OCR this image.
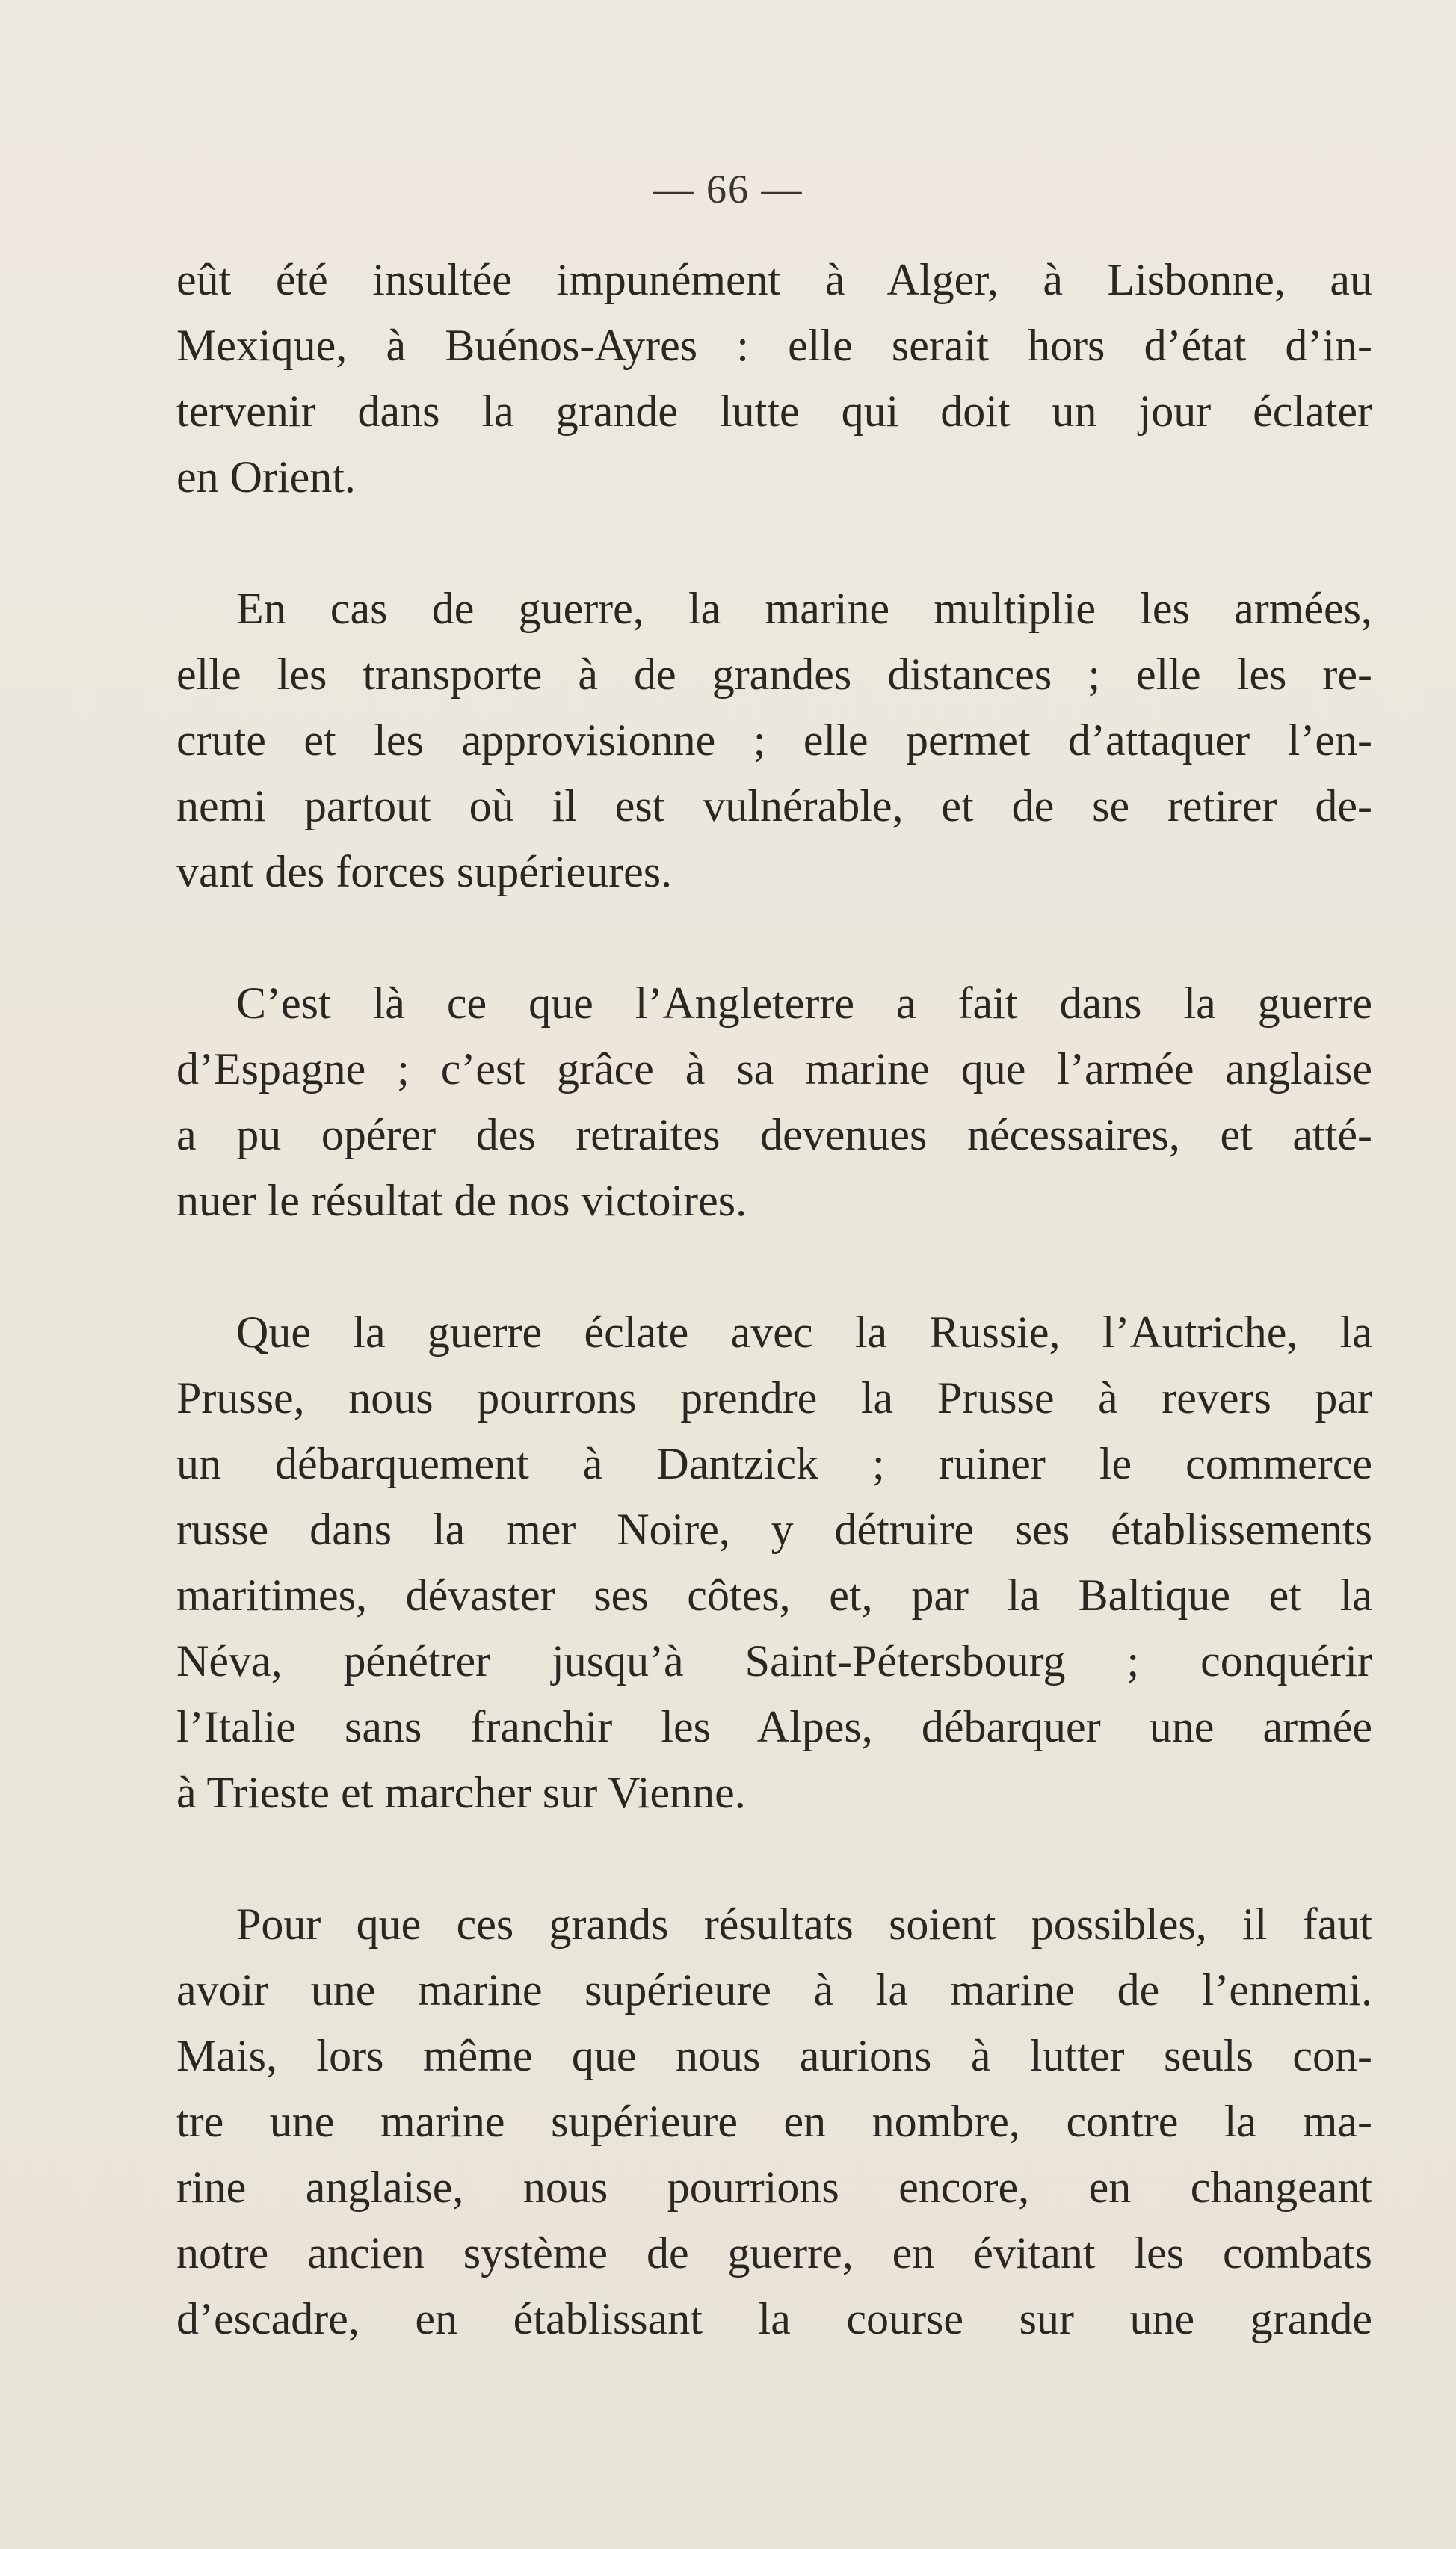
— 66 —

eût été insultée impunément à Alger, à Lisbonne, au
Mexique, à Buénos-Ayres : elle serait hors d’état d’in-
tervenir dans la grande lutte qui doit un jour éclater
en Orient.

En cas de guerre, la marine multiplie les armées,
elle les transporte à de grandes distances ; elle les re-
crute et les approvisionne ; elle permet d’attaquer l’en-
nemi partout où il est vulnérable, et de se retirer de-
vant des forces supérieures.

C’est là ce que l’Angleterre a fait dans la guerre
d’Espagne ; c’est grâce à sa marine que l’armée anglaise
a pu opérer des retraites devenues nécessaires, et atté-
nuer le résultat de nos victoires.

Que la guerre éclate avec la Russie, l’Autriche, la
Prusse, nous pourrons prendre la Prusse à revers par
un débarquement à Dantzick ; ruiner le commerce
russe dans la mer Noire, y détruire ses établissements
maritimes, dévaster ses côtes, et, par la Baltique et la
Néva, pénétrer jusqu’à Saint-Pétersbourg ; conquérir
l’Italie sans franchir les Alpes, débarquer une armée
à Trieste et marcher sur Vienne.

Pour que ces grands résultats soient possibles, il faut
avoir une marine supérieure à la marine de l’ennemi.
Mais, lors même que nous aurions à lutter seuls con-
tre une marine supérieure en nombre, contre la ma-
rine anglaise, nous pourrions encore, en changeant
notre ancien système de guerre, en évitant les combats
d’escadre, en établissant la course sur une grande
